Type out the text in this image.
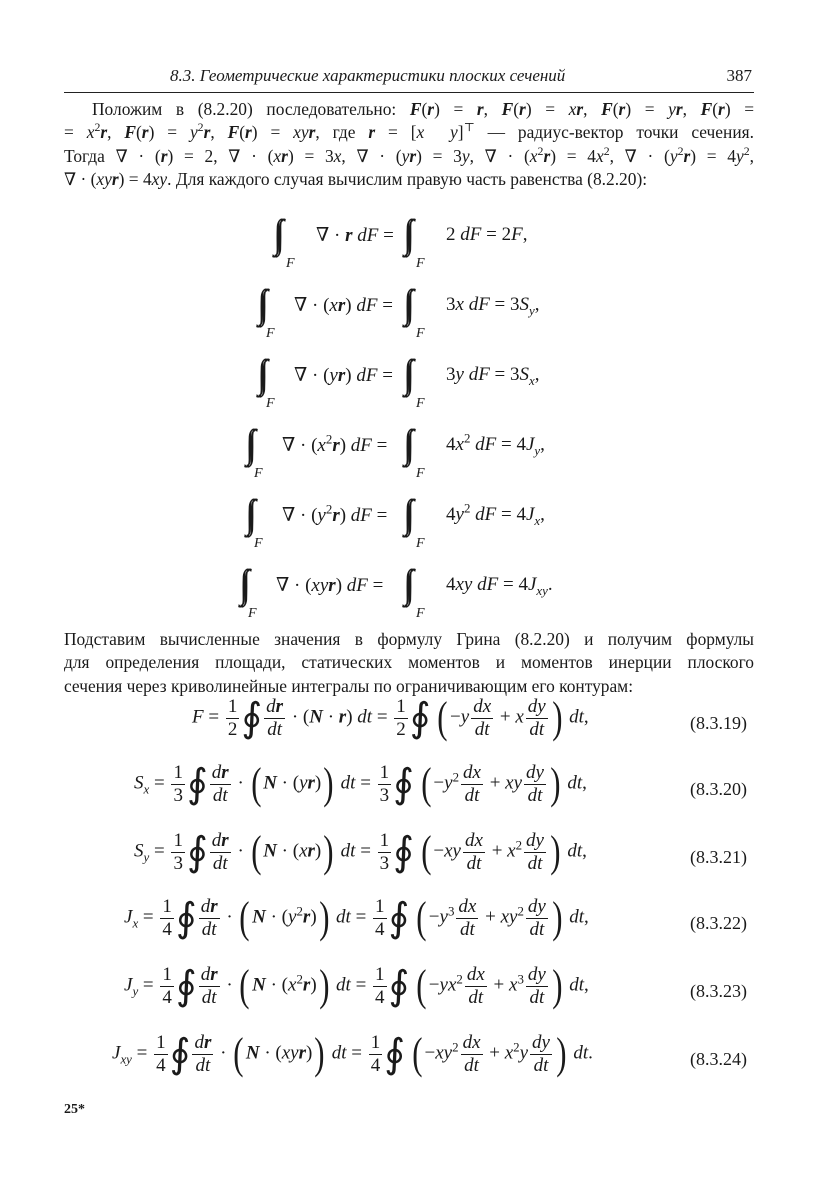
8.3. Геометрические характеристики плоских сечений	387
Положим в (8.2.20) последовательно: F(r) = r, F(r) = xr, F(r) = yr, F(r) =
= $x^2r$, $F(r) = y^2r$, F(r) = xyr, где r = [x y]⊤ — радиус-вектор точки сечения.
Тогда ∇ · (r) = 2, ∇ · (xr) = 3x, ∇ · (yr) = 3y, ∇ · $(x^2r) = 4x^2$, ∇ · $(y^2r) = 4y^2$,
∇ · (xyr) = 4xy. Для каждого случая вычислим правую часть равенства (8.2.20):
F
∇ · r dF =
F
2 dF = 2F,
F
∇ · (xr) dF =
F
3x dF = $3S_y$,
F
∇ · (yr) dF =
F
3y dF = $3S_x$,
F
∇ · $(x^2r)$ dF =
F
$4x^2$ dF = $4J_y$,
F
∇ · $(y^2r)$ dF =
F
$4y^2$ dF = $4J_x$,
F
∇ · (xyr) dF =
F
4xy dF = $4J_{xy}$.
Подставим вычисленные значения в формулу Грина (8.2.20) и получим формулы
для определения площади, статических моментов и моментов инерции плоского
сечения через криволинейные интегралы по ограничивающим его контурам:
$F = \frac{1}{2}$ ∮ $\frac{dr}{dt} \cdot (N \cdot r)$ dt = $\frac{1}{2}$ ∮ ( $-y \frac{dx}{dt} + x \frac{dy}{dt}$ ) dt,	(8.3.19)
$S_x = \frac{1}{3}$ ∮ $\frac{dr}{dt}$ · ( N · (yr)) dt = $\frac{1}{3}$ ∮ ( $-y^2 \frac{dx}{dt}$ + xy $\frac{dy}{dt}$ ) dt,	(8.3.20)
$S_y = \frac{1}{3}$ ∮ $\frac{dr}{dt}$ · ( N · (xr)) dt = $\frac{1}{3}$ ∮ ( $-xy \frac{dx}{dt} + x^2 \frac{dy}{dt}$ ) dt,	(8.3.21)
$J_x = \frac{1}{4}$ ∮ $\frac{dr}{dt}$ · ( $N \cdot (y^2r)$) dt = $\frac{1}{4}$ ∮ ( $-y^3 \frac{dx}{dt} + xy^2 \frac{dy}{dt}$ ) dt,	(8.3.22)
$J_y = \frac{1}{4}$ ∮ $\frac{dr}{dt}$ · ( $N \cdot (x^2r)$) dt = $\frac{1}{4}$ ∮ ( $-yx^2 \frac{dx}{dt} + x^3 \frac{dy}{dt}$ ) dt,	(8.3.23)
$J_{xy} = \frac{1}{4}$ ∮ $\frac{dr}{dt}$ · ( N · (xyr)) dt = $\frac{1}{4}$ ∮ ( $-xy^2 \frac{dx}{dt} + x^2y \frac{dy}{dt}$ ) dt.	(8.3.24)
25*
